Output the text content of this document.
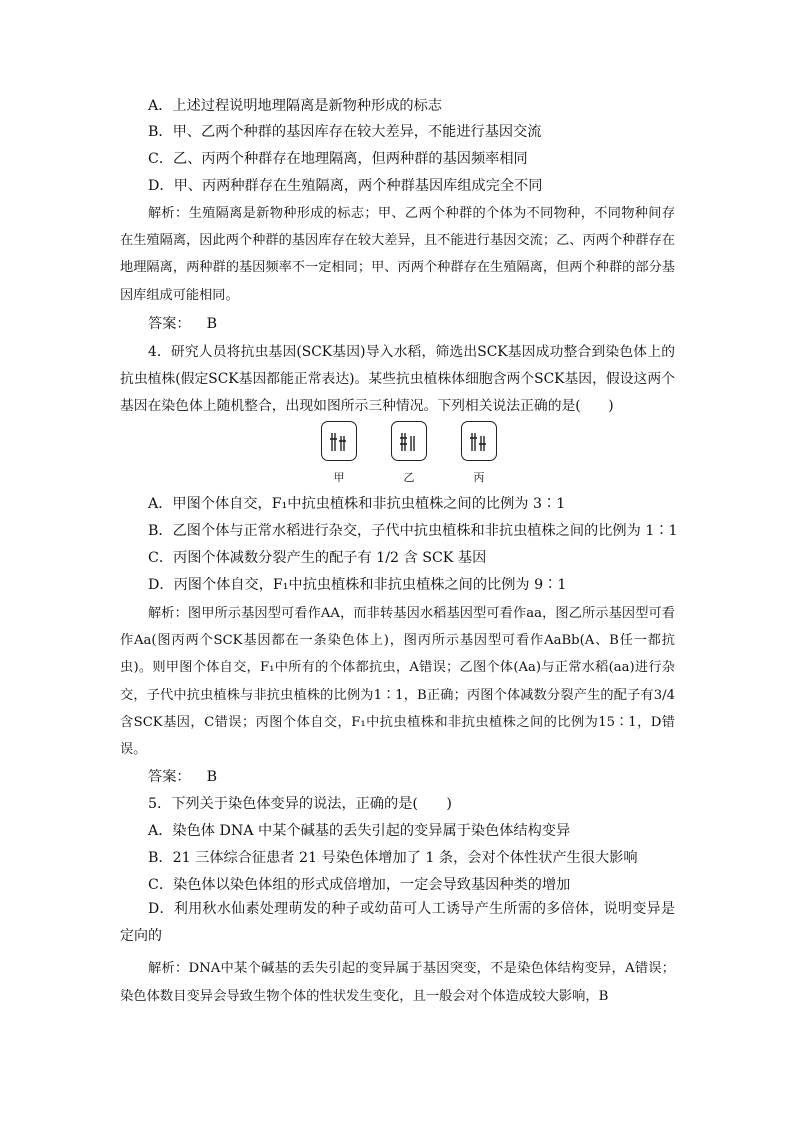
A．上述过程说明地理隔离是新物种形成的标志
B．甲、乙两个种群的基因库存在较大差异，不能进行基因交流
C．乙、丙两个种群存在地理隔离，但两种群的基因频率相同
D．甲、丙两种群存在生殖隔离，两个种群基因库组成完全不同
解析：生殖隔离是新物种形成的标志；甲、乙两个种群的个体为不同物种，不同物种间存在生殖隔离，因此两个种群的基因库存在较大差异，且不能进行基因交流；乙、丙两个种群存在地理隔离，两种群的基因频率不一定相同；甲、丙两个种群存在生殖隔离，但两个种群的部分基因库组成可能相同。
答案： B
4．研究人员将抗虫基因(SCK基因)导入水稻，筛选出SCK基因成功整合到染色体上的抗虫植株(假定SCK基因都能正常表达)。某些抗虫植株体细胞含两个SCK基因，假设这两个基因在染色体上随机整合，出现如图所示三种情况。下列相关说法正确的是(　　)
甲	乙	丙
A．甲图个体自交，F₁中抗虫植株和非抗虫植株之间的比例为 3∶1
B．乙图个体与正常水稻进行杂交，子代中抗虫植株和非抗虫植株之间的比例为 1∶1
C．丙图个体减数分裂产生的配子有 1/2 含 SCK 基因
D．丙图个体自交，F₁中抗虫植株和非抗虫植株之间的比例为 9∶1
解析：图甲所示基因型可看作AA，而非转基因水稻基因型可看作aa，图乙所示基因型可看作Aa(图丙两个SCK基因都在一条染色体上)，图丙所示基因型可看作AaBb(A、B任一都抗虫)。则甲图个体自交，F₁中所有的个体都抗虫，A错误；乙图个体(Aa)与正常水稻(aa)进行杂交，子代中抗虫植株与非抗虫植株的比例为1∶1，B正确；丙图个体减数分裂产生的配子有3/4含SCK基因，C错误；丙图个体自交，F₁中抗虫植株和非抗虫植株之间的比例为15∶1，D错误。
答案： B
5．下列关于染色体变异的说法，正确的是(　　)
A．染色体 DNA 中某个碱基的丢失引起的变异属于染色体结构变异
B．21 三体综合征患者 21 号染色体增加了 1 条，会对个体性状产生很大影响
C．染色体以染色体组的形式成倍增加，一定会导致基因种类的增加
D．利用秋水仙素处理萌发的种子或幼苗可人工诱导产生所需的多倍体，说明变异是定向的
解析：DNA中某个碱基的丢失引起的变异属于基因突变，不是染色体结构变异，A错误；染色体数目变异会导致生物个体的性状发生变化，且一般会对个体造成较大影响，B
